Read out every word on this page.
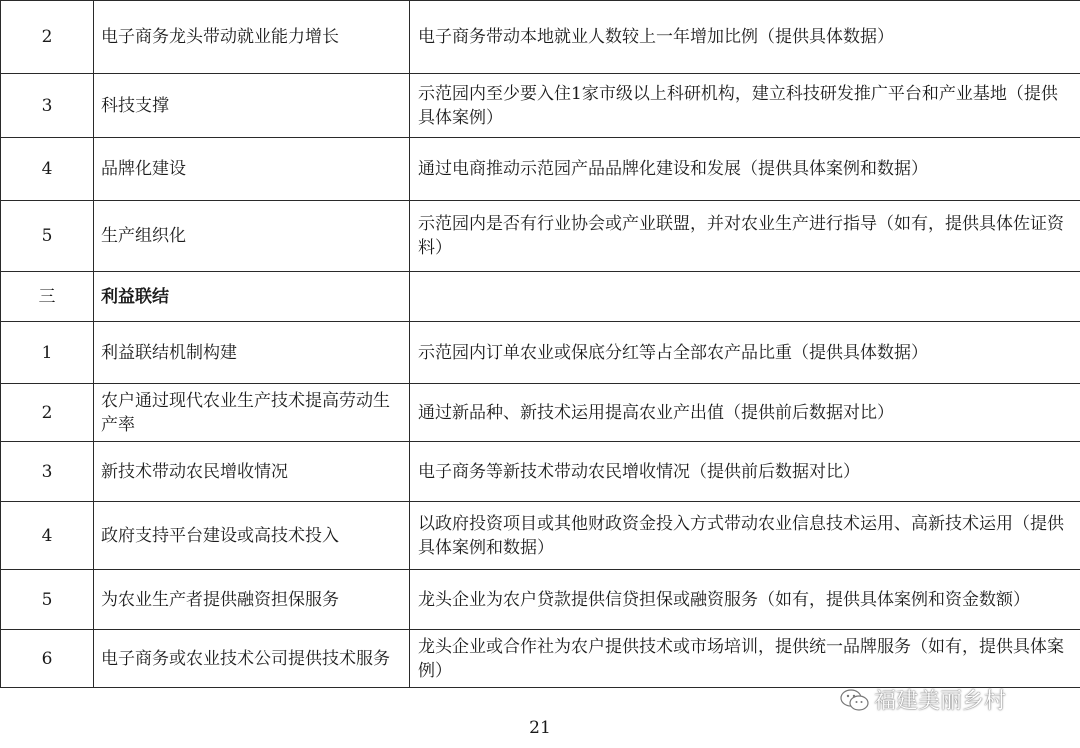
2	电子商务龙头带动就业能力增长	电子商务带动本地就业人数较上一年增加比例（提供具体数据）
3	科技支撑	示范园内至少要入住1家市级以上科研机构，建立科技研发推广平台和产业基地（提供具体案例）
4	品牌化建设	通过电商推动示范园产品品牌化建设和发展（提供具体案例和数据）
5	生产组织化	示范园内是否有行业协会或产业联盟，并对农业生产进行指导（如有，提供具体佐证资料）
三	利益联结	
1	利益联结机制构建	示范园内订单农业或保底分红等占全部农产品比重（提供具体数据）
2	农户通过现代农业生产技术提高劳动生产率	通过新品种、新技术运用提高农业产出值（提供前后数据对比）
3	新技术带动农民增收情况	电子商务等新技术带动农民增收情况（提供前后数据对比）
4	政府支持平台建设或高技术投入	以政府投资项目或其他财政资金投入方式带动农业信息技术运用、高新技术运用（提供具体案例和数据）
5	为农业生产者提供融资担保服务	龙头企业为农户贷款提供信贷担保或融资服务（如有，提供具体案例和资金数额）
6	电子商务或农业技术公司提供技术服务	龙头企业或合作社为农户提供技术或市场培训，提供统一品牌服务（如有，提供具体案例）
福建美丽乡村
21
